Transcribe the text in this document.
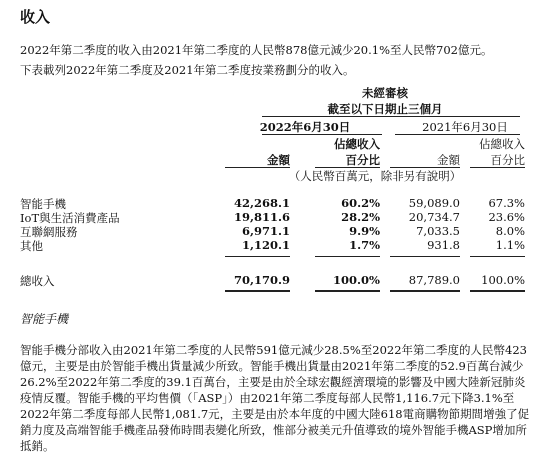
收入
2022年第二季度的收入由2021年第二季度的人民幣878億元減少20.1%至人民幣702億元。
下表載列2022年第二季度及2021年第二季度按業務劃分的收入。
未經審核
截至以下日期止三個月
2022年6月30日	2021年6月30日
佔總收入	佔總收入
金額	百分比	金額	百分比
（人民幣百萬元，除非另有說明）
智能手機	42,268.1	60.2%	59,089.0	67.3%
IoT與生活消費產品	19,811.6	28.2%	20,734.7	23.6%
互聯網服務	6,971.1	9.9%	7,033.5	8.0%
其他	1,120.1	1.7%	931.8	1.1%
總收入	70,170.9	100.0%	87,789.0	100.0%
智能手機
智能手機分部收入由2021年第二季度的人民幣591億元減少28.5%至2022年第二季度的人民幣423億元，主要是由於智能手機出貨量減少所致。智能手機出貨量由2021年第二季度的52.9百萬台減少26.2%至2022年第二季度的39.1百萬台，主要是由於全球宏觀經濟環境的影響及中國大陸新冠肺炎疫情反覆。智能手機的平均售價（「ASP」）由2021年第二季度每部人民幣1,116.7元下降3.1%至2022年第二季度每部人民幣1,081.7元，主要是由於本年度的中國大陸618電商購物節期間增強了促銷力度及高端智能手機產品發佈時間表變化所致，惟部分被美元升值導致的境外智能手機ASP增加所抵銷。
